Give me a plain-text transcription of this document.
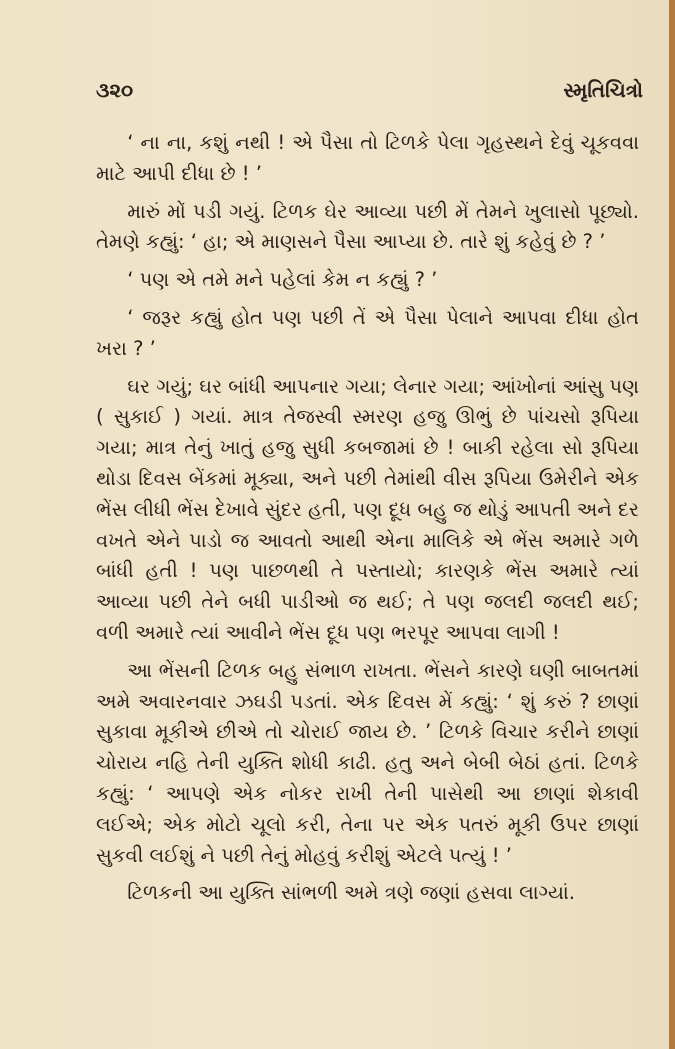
૩૨૦	સ્મૃતિચિત્રો

‘ ના ના, કશું નથી ! એ પૈસા તો ટિળકે પેલા ગૃહસ્થને દેવું ચૂકવવા માટે આપી દીધા છે ! ’

મારું મોં પડી ગયું. ટિળક ઘેર આવ્યા પછી મેં તેમને ખુલાસો પૂછ્યો. તેમણે કહ્યું: ‘ હા; એ માણસને પૈસા આપ્યા છે. તારે શું કહેવું છે ? ’

‘ પણ એ તમે મને પહેલાં કેમ ન કહ્યું ? ’

‘ જરૂર કહ્યું હોત પણ પછી તેં એ પૈસા પેલાને આપવા દીધા હોત ખરા ? ’

ઘર ગયું; ઘર બાંધી આપનાર ગયા; લેનાર ગયા; આંખોનાં આંસુ પણ ( સુકાઈ ) ગયાં. માત્ર તેજસ્વી સ્મરણ હજુ ઊભું છે પાંચસો રૂપિયા ગયા; માત્ર તેનું ખાતું હજુ સુધી કબજામાં છે ! બાકી રહેલા સો રૂપિયા થોડા દિવસ બેંકમાં મૂક્યા, અને પછી તેમાંથી વીસ રૂપિયા ઉમેરીને એક ભેંસ લીધી ભેંસ દેખાવે સુંદર હતી, પણ દૂધ બહુ જ થોડું આપતી અને દર વખતે એને પાડો જ આવતો આથી એના માલિકે એ ભેંસ અમારે ગળે બાંધી હતી ! પણ પાછળથી તે પસ્તાયો; કારણકે ભેંસ અમારે ત્યાં આવ્યા પછી તેને બધી પાડીઓ જ થઈ; તે પણ જલદી જલદી થઈ; વળી અમારે ત્યાં આવીને ભેંસ દૂધ પણ ભરપૂર આપવા લાગી !

આ ભેંસની ટિળક બહુ સંભાળ રાખતા. ભેંસને કારણે ઘણી બાબતમાં અમે અવારનવાર ઝઘડી પડતાં. એક દિવસ મેં કહ્યું: ‘ શું કરું ? છાણાં સુકાવા મૂકીએ છીએ તો ચોરાઈ જાય છે. ’ ટિળકે વિચાર કરીને છાણાં ચોરાય નહિ તેની યુક્તિ શોધી કાઢી. હતુ અને બેબી બેઠાં હતાં. ટિળકે કહ્યું: ‘ આપણે એક નોકર રાખી તેની પાસેથી આ છાણાં શેકાવી લઈએ; એક મોટો ચૂલો કરી, તેના પર એક પતરું મૂકી ઉપર છાણાં સુકવી લઈશું ને પછી તેનું મોહવું કરીશું એટલે પત્યું ! ’

ટિળકની આ યુક્તિ સાંભળી અમે ત્રણે જણાં હસવા લાગ્યાં.
